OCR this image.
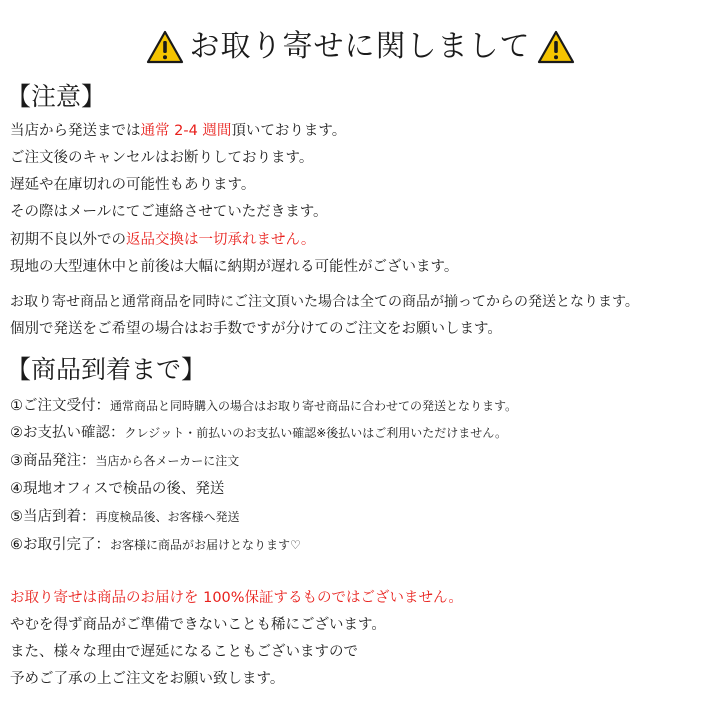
お取り寄せに関しまして
【注意】
当店から発送までは通常 2-4 週間頂いております。
ご注文後のキャンセルはお断りしております。
遅延や在庫切れの可能性もあります。
その際はメールにてご連絡させていただきます。
初期不良以外での返品交換は一切承れません。
現地の大型連休中と前後は大幅に納期が遅れる可能性がございます。
お取り寄せ商品と通常商品を同時にご注文頂いた場合は全ての商品が揃ってからの発送となります。
個別で発送をご希望の場合はお手数ですが分けてのご注文をお願いします。
【商品到着まで】
①ご注文受付：通常商品と同時購入の場合はお取り寄せ商品に合わせての発送となります。
②お支払い確認：クレジット・前払いのお支払い確認※後払いはご利用いただけません。
③商品発注：当店から各メーカーに注文
④現地オフィスで検品の後、発送
⑤当店到着：再度検品後、お客様へ発送
⑥お取引完了：お客様に商品がお届けとなります♡
お取り寄せは商品のお届けを 100%保証するものではございません。
やむを得ず商品がご準備できないことも稀にございます。
また、様々な理由で遅延になることもございますので
予めご了承の上ご注文をお願い致します。
